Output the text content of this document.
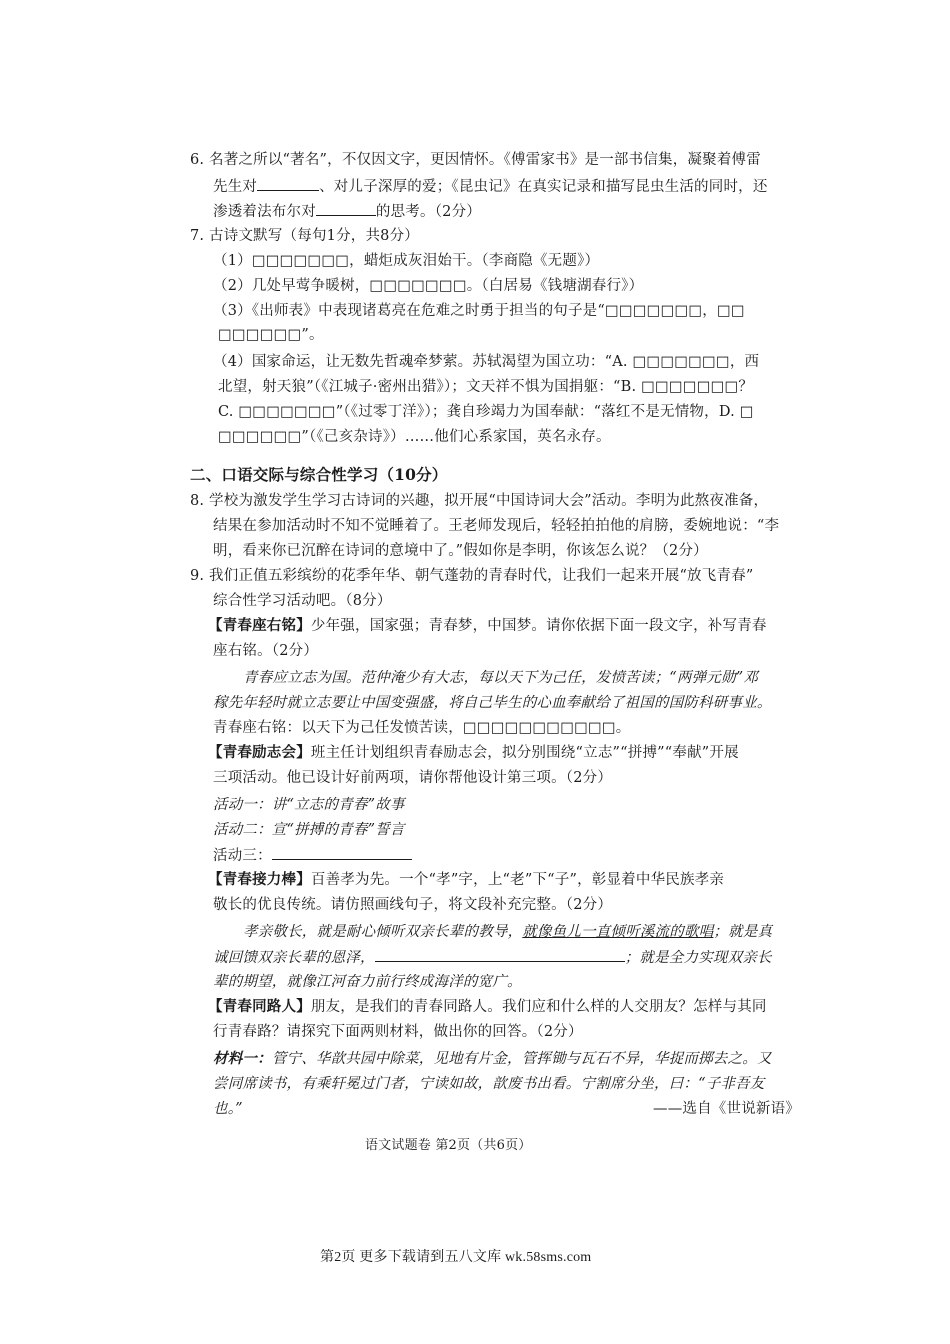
6. 名著之所以“著名”，不仅因文字，更因情怀。《傅雷家书》是一部书信集，凝聚着傅雷
先生对	、对儿子深厚的爱；《昆虫记》在真实记录和描写昆虫生活的同时，还
渗透着法布尔对	的思考。（2分）
7. 古诗文默写（每句1分，共8分）
（1）□□□□□□□，蜡炬成灰泪始干。（李商隐《无题》）
（2）几处早莺争暖树，□□□□□□□。（白居易《钱塘湖春行》）
（3）《出师表》中表现诸葛亮在危难之时勇于担当的句子是“□□□□□□□，□□
□□□□□□”。
（4）国家命运，让无数先哲魂牵梦萦。苏轼渴望为国立功：“A. □□□□□□□，西
北望，射天狼”（《江城子·密州出猎》）；文天祥不惧为国捐躯：“B. □□□□□□□？
C. □□□□□□□”（《过零丁洋》）；龚自珍竭力为国奉献：“落红不是无情物，D. □
□□□□□□”（《己亥杂诗》）……他们心系家国，英名永存。
二、口语交际与综合性学习（10分）
8. 学校为激发学生学习古诗词的兴趣，拟开展“中国诗词大会”活动。李明为此熬夜准备，
结果在参加活动时不知不觉睡着了。王老师发现后，轻轻拍拍他的肩膀，委婉地说：“李
明，看来你已沉醉在诗词的意境中了。”假如你是李明，你该怎么说？（2分）
9. 我们正值五彩缤纷的花季年华、朝气蓬勃的青春时代，让我们一起来开展“放飞青春”
综合性学习活动吧。（8分）
【青春座右铭】少年强，国家强；青春梦，中国梦。请你依据下面一段文字，补写青春
座右铭。（2分）
青春应立志为国。范仲淹少有大志，每以天下为己任，发愤苦读；“两弹元勋”邓
稼先年轻时就立志要让中国变强盛，将自己毕生的心血奉献给了祖国的国防科研事业。
青春座右铭：以天下为己任发愤苦读，□□□□□□□□□□□。
【青春励志会】班主任计划组织青春励志会，拟分别围绕“立志”“拼搏”“奉献”开展
三项活动。他已设计好前两项，请你帮他设计第三项。（2分）
活动一：讲“立志的青春”故事
活动二：宣“拼搏的青春”誓言
活动三：
【青春接力棒】百善孝为先。一个“孝”字，上“老”下“子”，彰显着中华民族孝亲
敬长的优良传统。请仿照画线句子，将文段补充完整。（2分）
孝亲敬长，就是耐心倾听双亲长辈的教导，就像鱼儿一直倾听溪流的歌唱；就是真
诚回馈双亲长辈的恩泽，	；就是全力实现双亲长
辈的期望，就像江河奋力前行终成海洋的宽广。
【青春同路人】朋友，是我们的青春同路人。我们应和什么样的人交朋友？怎样与其同
行青春路？请探究下面两则材料，做出你的回答。（2分）
材料一：管宁、华歆共园中除菜，见地有片金，管挥锄与瓦石不异，华捉而掷去之。又
尝同席读书，有乘轩冕过门者，宁读如故，歆废书出看。宁割席分坐，曰：“子非吾友
也。”	——选自《世说新语》
语文试题卷 第2页（共6页）
第2页 更多下载请到五八文库 wk.58sms.com
